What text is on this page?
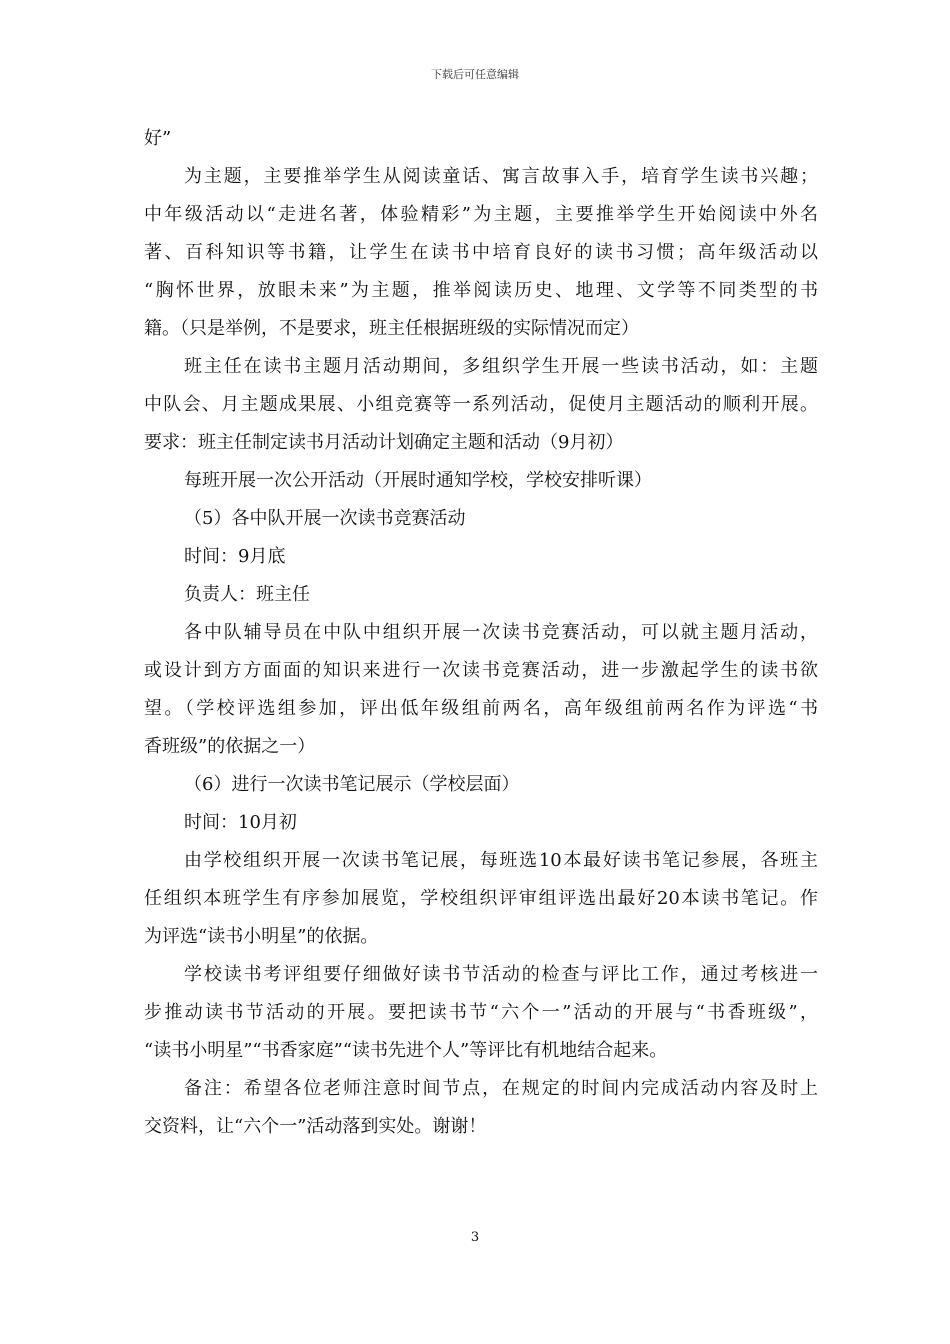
下载后可任意编辑
好”
为主题，主要推举学生从阅读童话、寓言故事入手，培育学生读书兴趣；
中年级活动以“走进名著，体验精彩”为主题，主要推举学生开始阅读中外名
著、百科知识等书籍，让学生在读书中培育良好的读书习惯；高年级活动以
“胸怀世界，放眼未来”为主题，推举阅读历史、地理、文学等不同类型的书
籍。（只是举例，不是要求，班主任根据班级的实际情况而定）
班主任在读书主题月活动期间，多组织学生开展一些读书活动，如：主题
中队会、月主题成果展、小组竞赛等一系列活动，促使月主题活动的顺利开展。
要求：班主任制定读书月活动计划确定主题和活动（9月初）
每班开展一次公开活动（开展时通知学校，学校安排听课）
（5）各中队开展一次读书竞赛活动
时间：9月底
负责人：班主任
各中队辅导员在中队中组织开展一次读书竞赛活动，可以就主题月活动，
或设计到方方面面的知识来进行一次读书竞赛活动，进一步激起学生的读书欲
望。（学校评选组参加，评出低年级组前两名，高年级组前两名作为评选“书
香班级”的依据之一）
（6）进行一次读书笔记展示（学校层面）
时间：10月初
由学校组织开展一次读书笔记展，每班选10本最好读书笔记参展，各班主
任组织本班学生有序参加展览，学校组织评审组评选出最好20本读书笔记。作
为评选“读书小明星”的依据。
学校读书考评组要仔细做好读书节活动的检查与评比工作，通过考核进一
步推动读书节活动的开展。要把读书节“六个一”活动的开展与“书香班级”，
“读书小明星”“书香家庭”“读书先进个人”等评比有机地结合起来。
备注：希望各位老师注意时间节点，在规定的时间内完成活动内容及时上
交资料，让“六个一”活动落到实处。谢谢！
3
